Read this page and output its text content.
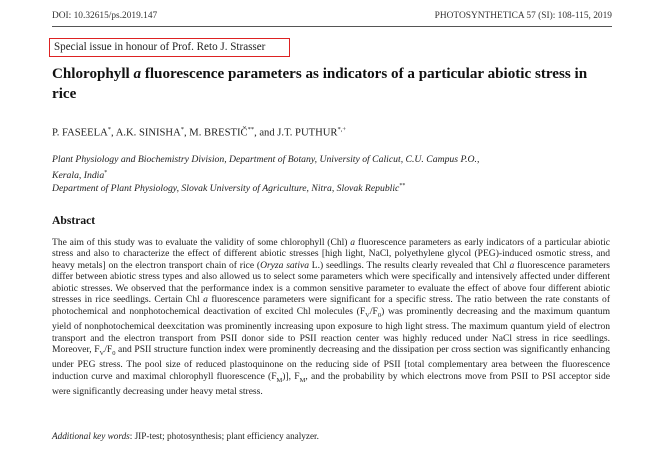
DOI: 10.32615/ps.2019.147	PHOTOSYNTHETICA 57 (SI): 108-115, 2019
Special issue in honour of Prof. Reto J. Strasser
Chlorophyll a fluorescence parameters as indicators of a particular abiotic stress in rice
P. FASEELA*, A.K. SINISHA*, M. BRESTIČ**, and J.T. PUTHUR*,+
Plant Physiology and Biochemistry Division, Department of Botany, University of Calicut, C.U. Campus P.O.,
Kerala, India*
Department of Plant Physiology, Slovak University of Agriculture, Nitra, Slovak Republic**
Abstract
The aim of this study was to evaluate the validity of some chlorophyll (Chl) a fluorescence parameters as early indicators of a particular abiotic stress and also to characterize the effect of different abiotic stresses [high light, NaCl, polyethylene glycol (PEG)-induced osmotic stress, and heavy metals] on the electron transport chain of rice (Oryza sativa L.) seedlings. The results clearly revealed that Chl a fluorescence parameters differ between abiotic stress types and also allowed us to select some parameters which were specifically and intensively affected under different abiotic stresses. We observed that the performance index is a common sensitive parameter to evaluate the effect of above four different abiotic stresses in rice seedlings. Certain Chl a fluorescence parameters were significant for a specific stress. The ratio between the rate constants of photochemical and nonphotochemical deactivation of excited Chl molecules $(F_V/F_0)$ was prominently decreasing and the maximum quantum yield of nonphotochemical deexcitation was prominently increasing upon exposure to high light stress. The maximum quantum yield of electron transport and the electron transport from PSII donor side to PSII reaction center was highly reduced under NaCl stress in rice seedlings. Moreover, $F_V/F_0$ and PSII structure function index were prominently decreasing and the dissipation per cross section was significantly enhancing under PEG stress. The pool size of reduced plastoquinone on the reducing side of PSII [total complementary area between the fluorescence induction curve and maximal chlorophyll fluorescence $(F_M)$], $F_M$, and the probability by which electrons move from PSII to PSI acceptor side were significantly decreasing under heavy metal stress.
Additional key words: JIP-test; photosynthesis; plant efficiency analyzer.
